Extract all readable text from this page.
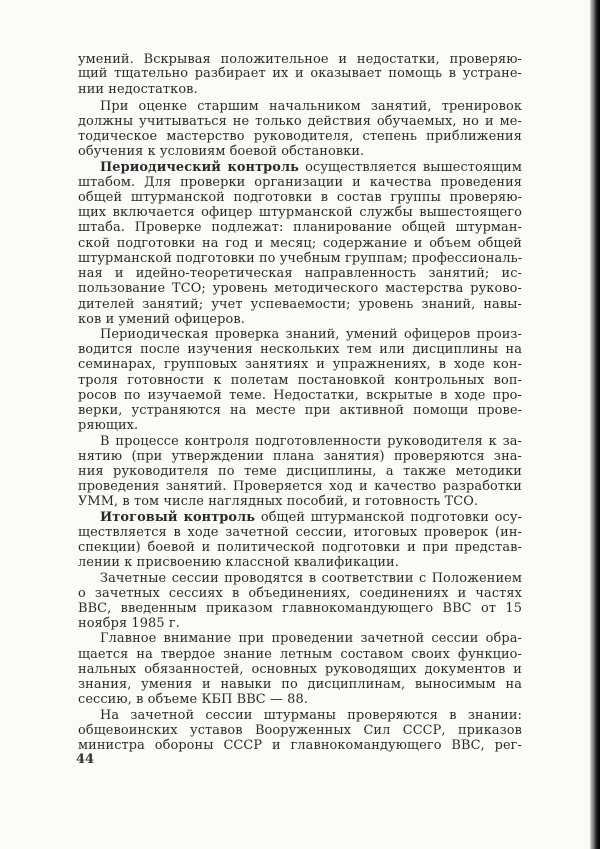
умений. Вскрывая положительное и недостатки, проверяю-
щий тщательно разбирает их и оказывает помощь в устране-
нии недостатков.
При оценке старшим начальником занятий, тренировок
должны учитываться не только действия обучаемых, но и ме-
тодическое мастерство руководителя, степень приближения
обучения к условиям боевой обстановки.
Периодический контроль осуществляется вышестоящим
штабом. Для проверки организации и качества проведения
общей штурманской подготовки в состав группы проверяю-
щих включается офицер штурманской службы вышестоящего
штаба. Проверке подлежат: планирование общей штурман-
ской подготовки на год и месяц; содержание и объем общей
штурманской подготовки по учебным группам; профессиональ-
ная и идейно-теоретическая направленность занятий; ис-
пользование ТСО; уровень методического мастерства руково-
дителей занятий; учет успеваемости; уровень знаний, навы-
ков и умений офицеров.
Периодическая проверка знаний, умений офицеров произ-
водится после изучения нескольких тем или дисциплины на
семинарах, групповых занятиях и упражнениях, в ходе кон-
троля готовности к полетам постановкой контрольных воп-
росов по изучаемой теме. Недостатки, вскрытые в ходе про-
верки, устраняются на месте при активной помощи прове-
ряющих.
В процессе контроля подготовленности руководителя к за-
нятию (при утверждении плана занятия) проверяются зна-
ния руководителя по теме дисциплины, а также методики
проведения занятий. Проверяется ход и качество разработки
УММ, в том числе наглядных пособий, и готовность ТСО.
Итоговый контроль общей штурманской подготовки осу-
ществляется в ходе зачетной сессии, итоговых проверок (ин-
спекции) боевой и политической подготовки и при представ-
лении к присвоению классной квалификации.
Зачетные сессии проводятся в соответствии с Положением
о зачетных сессиях в объединениях, соединениях и частях
ВВС, введенным приказом главнокомандующего ВВС от 15
ноября 1985 г.
Главное внимание при проведении зачетной сессии обра-
щается на твердое знание летным составом своих функцио-
нальных обязанностей, основных руководящих документов и
знания, умения и навыки по дисциплинам, выносимым на
сессию, в объеме КБП ВВС — 88.
На зачетной сессии штурманы проверяются в знании:
общевоинских уставов Вооруженных Сил СССР, приказов
министра обороны СССР и главнокомандующего ВВС, рег-
44
